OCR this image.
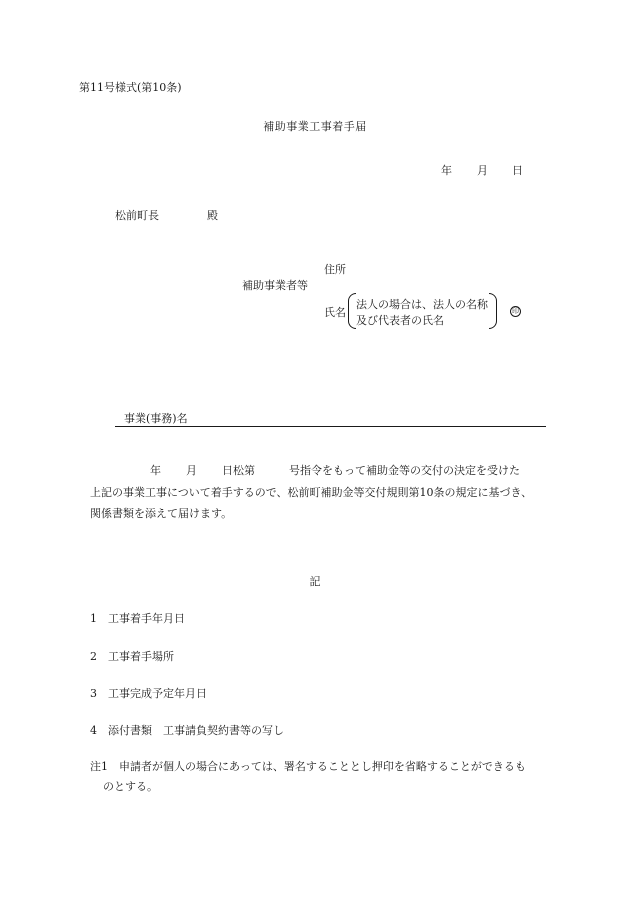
第11号様式(第10条)
補助事業工事着手届
年 月 日
松前町長	殿
住所
補助事業者等
氏名
法人の場合は、法人の名称
及び代表者の氏名
印
事業(事務)名
年 月 日松第	号指令をもって補助金等の交付の決定を受けた
上記の事業工事について着手するので、松前町補助金等交付規則第10条の規定に基づき、
関係書類を添えて届けます。
記
1　工事着手年月日
2　工事着手場所
3　工事完成予定年月日
4　添付書類　工事請負契約書等の写し
注1　申請者が個人の場合にあっては、署名することとし押印を省略することができるも
のとする。
